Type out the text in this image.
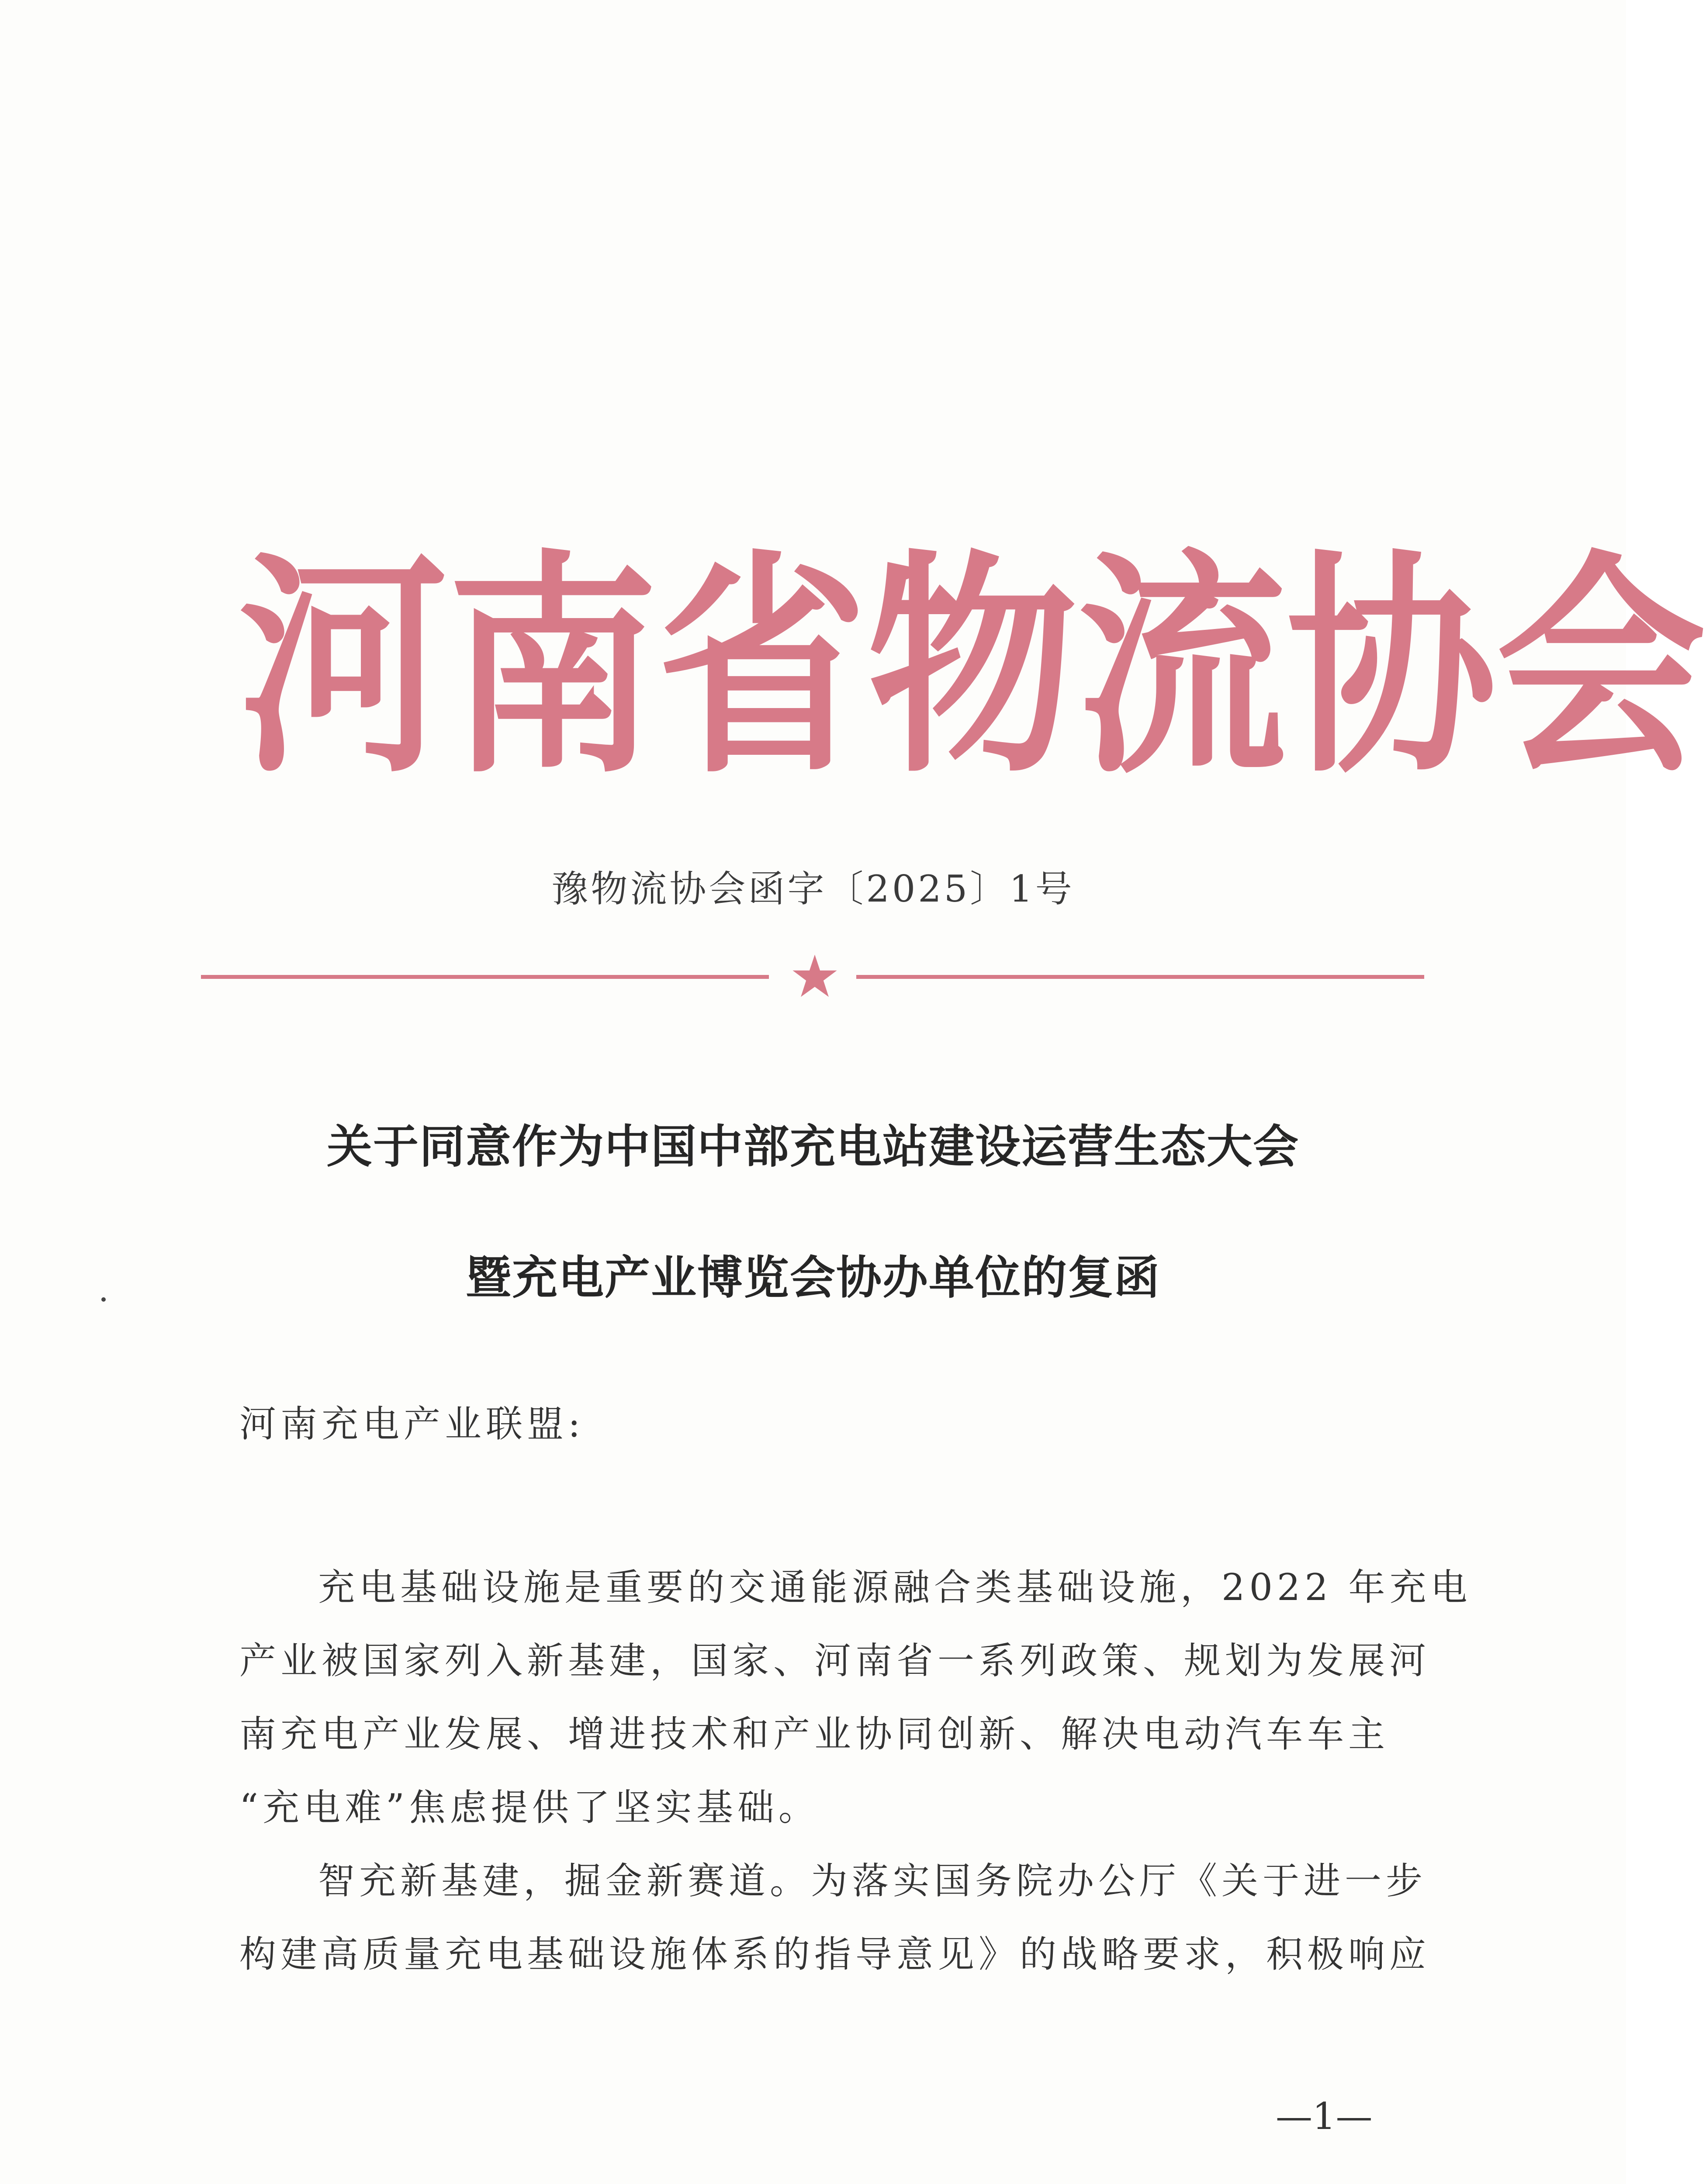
河 南 省 物 流 协 会
豫物流协会函字〔2025〕1号
关于同意作为中国中部充电站建设运营生态大会
暨充电产业博览会协办单位的复函
河南充电产业联盟:
充电基础设施是重要的交通能源融合类基础设施，2022 年充电
产业被国家列入新基建，国家、河南省一系列政策、规划为发展河
南充电产业发展、增进技术和产业协同创新、解决电动汽车车主
“充电难”焦虑提供了坚实基础。
智充新基建，掘金新赛道。为落实国务院办公厅《关于进一步
构建高质量充电基础设施体系的指导意见》的战略要求，积极响应
—1—
